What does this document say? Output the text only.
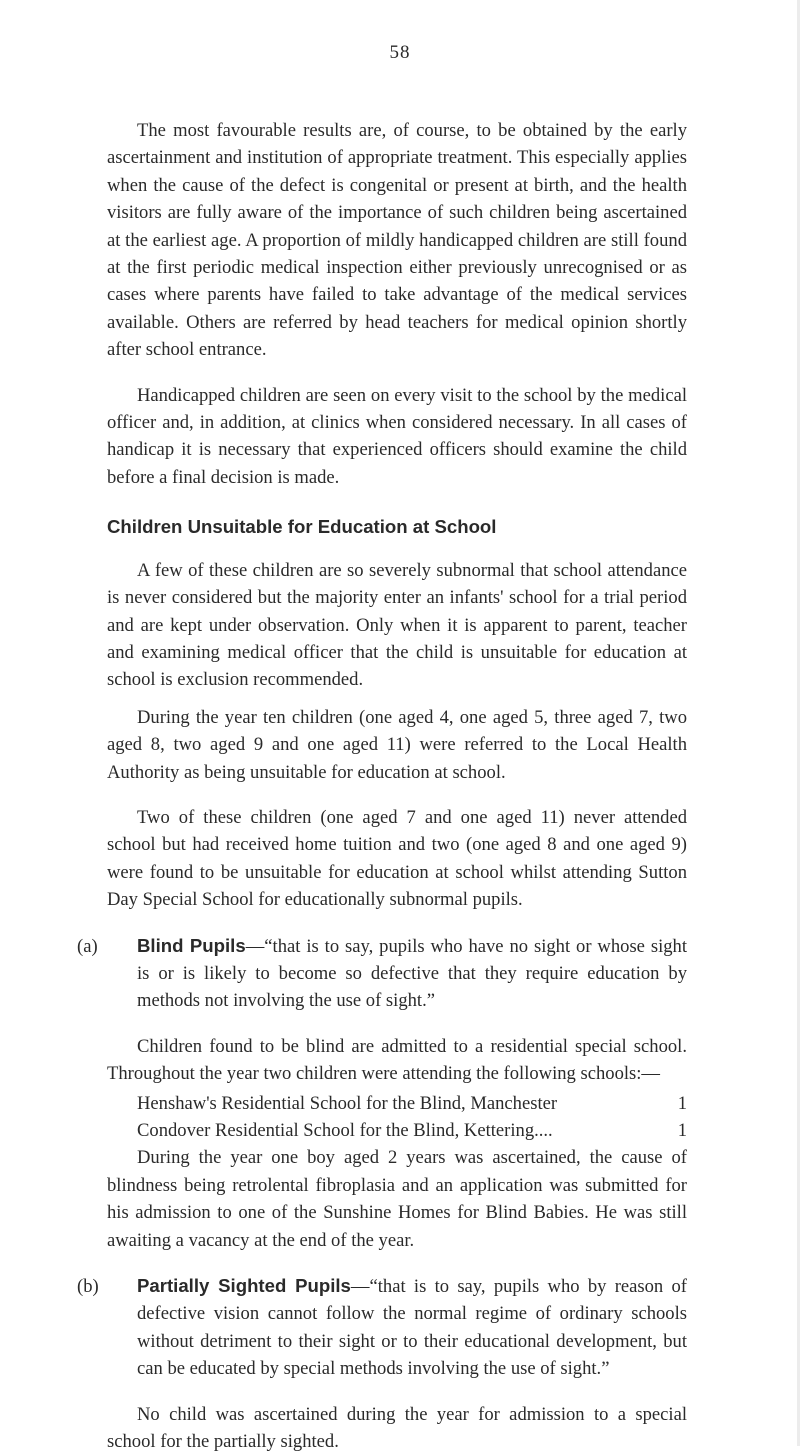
58

The most favourable results are, of course, to be obtained by the early ascertainment and institution of appropriate treatment. This especially applies when the cause of the defect is congenital or present at birth, and the health visitors are fully aware of the importance of such children being ascertained at the earliest age. A proportion of mildly handicapped children are still found at the first periodic medical inspection either previously unrecognised or as cases where parents have failed to take advantage of the medical services available. Others are referred by head teachers for medical opinion shortly after school entrance.

Handicapped children are seen on every visit to the school by the medical officer and, in addition, at clinics when considered necessary. In all cases of handicap it is necessary that experienced officers should examine the child before a final decision is made.

Children Unsuitable for Education at School

A few of these children are so severely subnormal that school attendance is never considered but the majority enter an infants' school for a trial period and are kept under observation. Only when it is apparent to parent, teacher and examining medical officer that the child is unsuitable for education at school is exclusion recommended.

During the year ten children (one aged 4, one aged 5, three aged 7, two aged 8, two aged 9 and one aged 11) were referred to the Local Health Authority as being unsuitable for education at school.

Two of these children (one aged 7 and one aged 11) never attended school but had received home tuition and two (one aged 8 and one aged 9) were found to be unsuitable for education at school whilst attending Sutton Day Special School for educationally subnormal pupils.

(a) Blind Pupils—“that is to say, pupils who have no sight or whose sight is or is likely to become so defective that they require education by methods not involving the use of sight.”

Children found to be blind are admitted to a residential special school. Throughout the year two children were attending the following schools:—

Henshaw's Residential School for the Blind, Manchester	1
Condover Residential School for the Blind, Kettering....	1

During the year one boy aged 2 years was ascertained, the cause of blindness being retrolental fibroplasia and an application was submitted for his admission to one of the Sunshine Homes for Blind Babies. He was still awaiting a vacancy at the end of the year.

(b) Partially Sighted Pupils—“that is to say, pupils who by reason of defective vision cannot follow the normal regime of ordinary schools without detriment to their sight or to their educational development, but can be educated by special methods involving the use of sight.”

No child was ascertained during the year for admission to a special school for the partially sighted.
